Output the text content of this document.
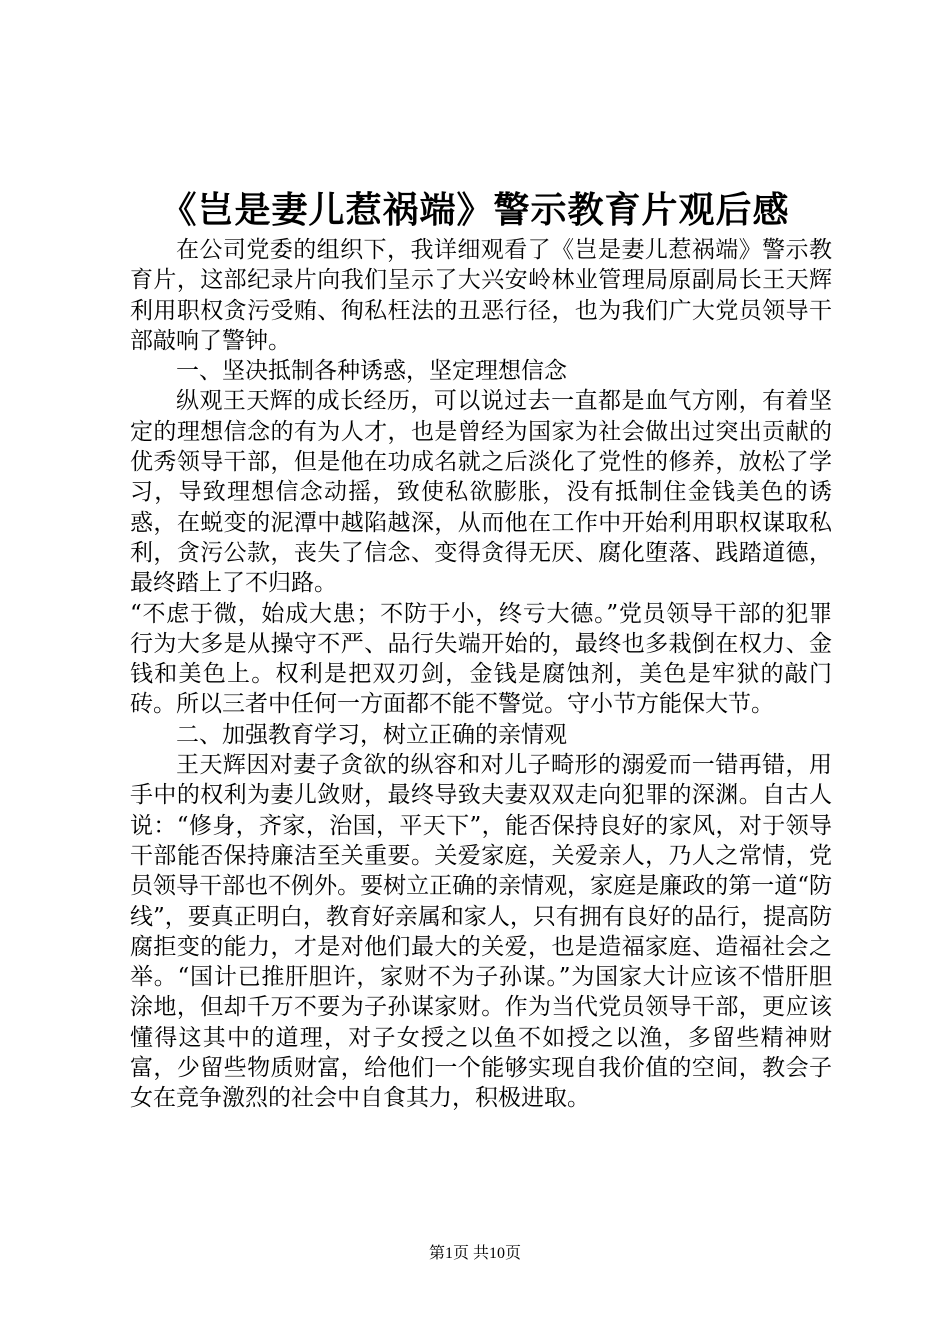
《岂是妻儿惹祸端》警示教育片观后感

在公司党委的组织下，我详细观看了《岂是妻儿惹祸端》警示教育片，这部纪录片向我们呈示了大兴安岭林业管理局原副局长王天辉利用职权贪污受贿、徇私枉法的丑恶行径，也为我们广大党员领导干部敲响了警钟。

一、坚决抵制各种诱惑，坚定理想信念

纵观王天辉的成长经历，可以说过去一直都是血气方刚，有着坚定的理想信念的有为人才，也是曾经为国家为社会做出过突出贡献的优秀领导干部，但是他在功成名就之后淡化了党性的修养，放松了学习，导致理想信念动摇，致使私欲膨胀，没有抵制住金钱美色的诱惑，在蜕变的泥潭中越陷越深，从而他在工作中开始利用职权谋取私利，贪污公款，丧失了信念、变得贪得无厌、腐化堕落、践踏道德，最终踏上了不归路。

“不虑于微，始成大患；不防于小，终亏大德。”党员领导干部的犯罪行为大多是从操守不严、品行失端开始的，最终也多栽倒在权力、金钱和美色上。权利是把双刃剑，金钱是腐蚀剂，美色是牢狱的敲门砖。所以三者中任何一方面都不能不警觉。守小节方能保大节。

二、加强教育学习，树立正确的亲情观

王天辉因对妻子贪欲的纵容和对儿子畸形的溺爱而一错再错，用手中的权利为妻儿敛财，最终导致夫妻双双走向犯罪的深渊。自古人说：“修身，齐家，治国，平天下”，能否保持良好的家风，对于领导干部能否保持廉洁至关重要。关爱家庭，关爱亲人，乃人之常情，党员领导干部也不例外。要树立正确的亲情观，家庭是廉政的第一道“防线”，要真正明白，教育好亲属和家人，只有拥有良好的品行，提高防腐拒变的能力，才是对他们最大的关爱，也是造福家庭、造福社会之举。“国计已推肝胆许，家财不为子孙谋。”为国家大计应该不惜肝胆涂地，但却千万不要为子孙谋家财。作为当代党员领导干部，更应该懂得这其中的道理，对子女授之以鱼不如授之以渔，多留些精神财富，少留些物质财富，给他们一个能够实现自我价值的空间，教会子女在竞争激烈的社会中自食其力，积极进取。

第1页 共10页
